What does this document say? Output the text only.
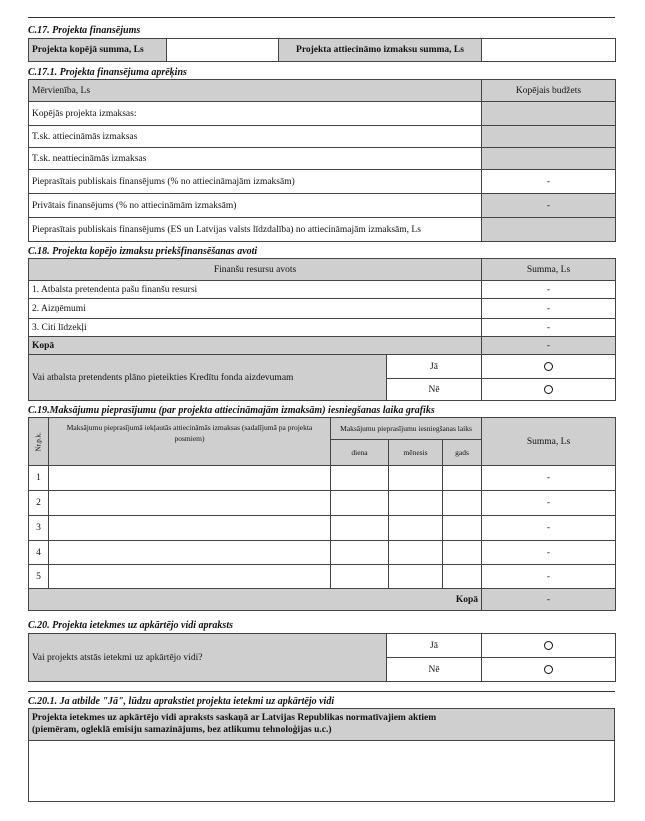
C.17. Projekta finansējums
Projekta kopējā summa, Ls		Projekta attiecināmo izmaksu summa, Ls	
C.17.1. Projekta finansējuma aprēķins
Mērvienība, Ls	Kopējais budžets
Kopējās projekta izmaksas:	
T.sk. attiecināmās izmaksas	
T.sk. neattiecināmās izmaksas	
Pieprasītais publiskais finansējums (% no attiecināmajām izmaksām)	-
Privātais finansējums (% no attiecināmām izmaksām)	-
Pieprasītais publiskais finansējums (ES un Latvijas valsts līdzdalība) no attiecināmajām izmaksām, Ls	
C.18. Projekta kopējo izmaksu priekšfinansēšanas avoti
Finanšu resursu avots		Summa, Ls
1. Atbalsta pretendenta pašu finanšu resursi		-
2. Aizņēmumi		-
3. Citi līdzekļi		-
Kopā		-
Vai atbalsta pretendents plāno pieteikties Kredītu fonda aizdevumam	Jā	
	Nē	
C.19.Maksājumu pieprasījumu (par projekta attiecināmajām izmaksām) iesniegšanas laika grafiks
Nr.p.k.	Maksājumu pieprasījumā iekļautās attiecināmās izmaksas (sadalījumā pa projekta posmiem)	Maksājumu pieprasījumu iesniegšanas laiks			Summa, Ls
		diena	mēnesis	gads	
1					-
2					-
3					-
4					-
5					-
Kopā					-
C.20. Projekta ietekmes uz apkārtējo vidi apraksts
Vai projekts atstās ietekmi uz apkārtējo vidi?	Jā	
	Nē	
C.20.1. Ja atbilde "Jā", lūdzu aprakstiet projekta ietekmi uz apkārtējo vidi
Projekta ietekmes uz apkārtējo vidi apraksts saskaņā ar Latvijas Republikas normatīvajiem aktiem
(piemēram, ogleklā emisiju samazinājums, bez atlikumu tehnoloģijas u.c.)
